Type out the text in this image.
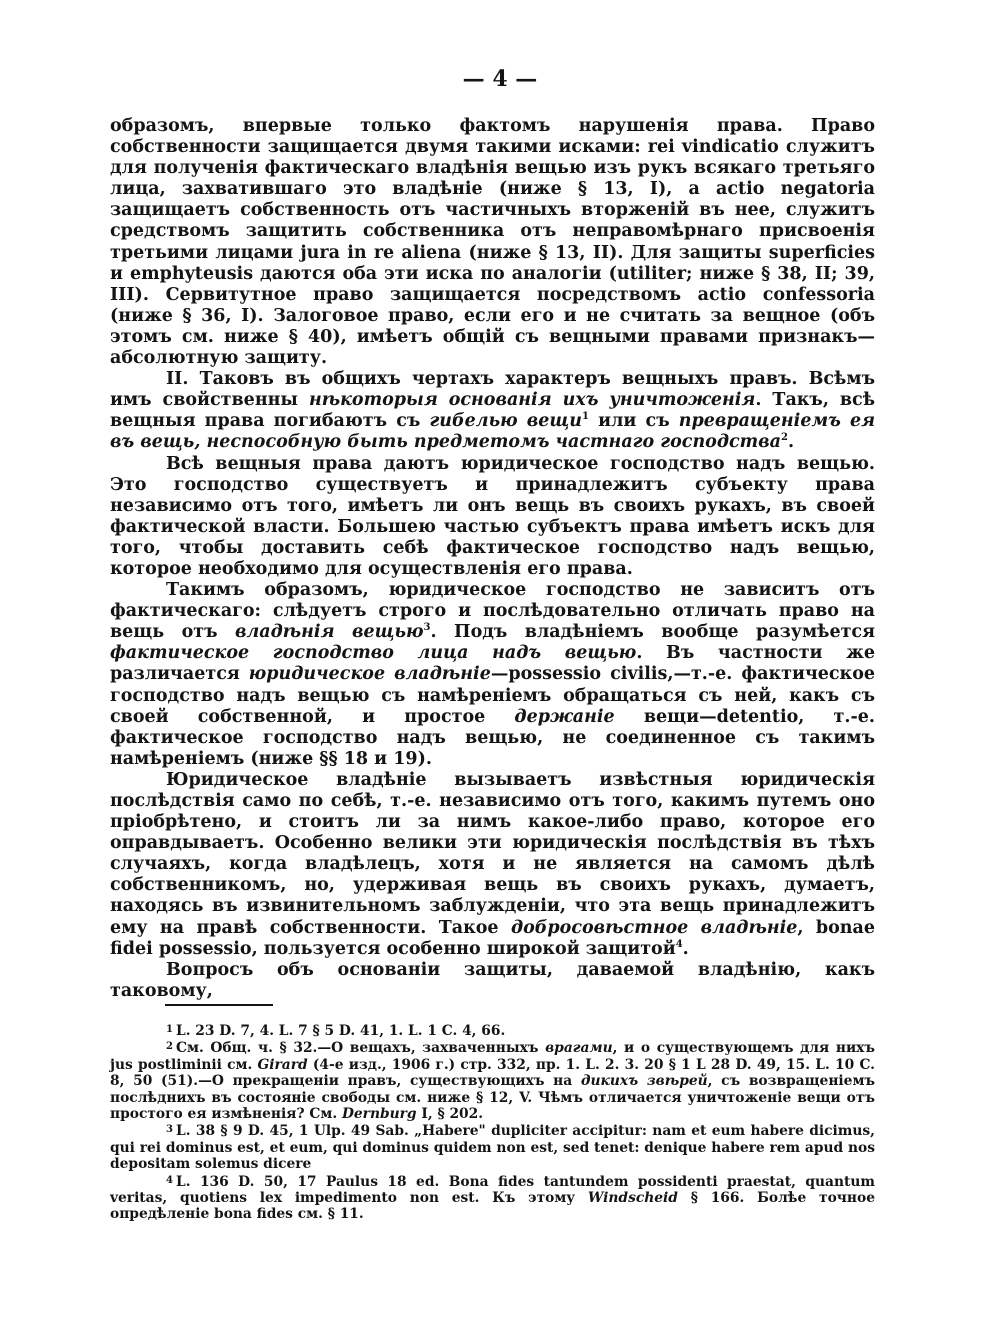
— 4 —

образомъ, впервые только фактомъ нарушенія права. Право собственности защищается двумя такими исками: rei vindicatio служитъ для полученія фактическаго владѣнія вещью изъ рукъ всякаго третьяго лица, захватившаго это владѣніе (ниже § 13, I), а actio negatoria защищаетъ собственность отъ частичныхъ вторженій въ нее, служитъ средствомъ защитить собственника отъ неправомѣрнаго присвоенія третьими лицами jura in re aliena (ниже § 13, II). Для защиты superficies и emphyteusis даются оба эти иска по аналогіи (utiliter; ниже § 38, II; 39, III). Сервитутное право защищается посредствомъ actio confessoria (ниже § 36, I). Залоговое право, если его и не считать за вещное (объ этомъ см. ниже § 40), имѣетъ общій съ вещными правами признакъ—абсолютную защиту.

II. Таковъ въ общихъ чертахъ характеръ вещныхъ правъ. Всѣмъ имъ свойственны нѣкоторыя основанія ихъ уничтоженія. Такъ, всѣ вещныя права погибаютъ съ гибелью вещи$^1$ или съ превращеніемъ ея въ вещь, неспособную быть предметомъ частнаго господства$^2$.

Всѣ вещныя права даютъ юридическое господство надъ вещью. Это господство существуетъ и принадлежитъ субъекту права независимо отъ того, имѣетъ ли онъ вещь въ своихъ рукахъ, въ своей фактической власти. Большею частью субъектъ права имѣетъ искъ для того, чтобы доставить себѣ фактическое господство надъ вещью, которое необходимо для осуществленія его права.

Такимъ образомъ, юридическое господство не зависитъ отъ фактическаго: слѣдуетъ строго и послѣдовательно отличать право на вещь отъ владѣнія вещью$^3$. Подъ владѣніемъ вообще разумѣется фактическое господство лица надъ вещью. Въ частности же различается юридическое владѣніе—possessio civilis,—т.-е. фактическое господство надъ вещью съ намѣреніемъ обращаться съ ней, какъ съ своей собственной, и простое держаніе вещи—detentio, т.-е. фактическое господство надъ вещью, не соединенное съ такимъ намѣреніемъ (ниже §§ 18 и 19).

Юридическое владѣніе вызываетъ извѣстныя юридическія послѣдствія само по себѣ, т.-е. независимо отъ того, какимъ путемъ оно пріобрѣтено, и стоитъ ли за нимъ какое-либо право, которое его оправдываетъ. Особенно велики эти юридическія послѣдствія въ тѣхъ случаяхъ, когда владѣлецъ, хотя и не является на самомъ дѣлѣ собственникомъ, но, удерживая вещь въ своихъ рукахъ, думаетъ, находясь въ извинительномъ заблужденіи, что эта вещь принадлежитъ ему на правѣ собственности. Такое добросовѣстное владѣніе, bonae fidei possessio, пользуется особенно широкой защитой$^4$.

Вопросъ объ основаніи защиты, даваемой владѣнію, какъ таковому,

1 L. 23 D. 7, 4. L. 7 § 5 D. 41, 1. L. 1 C. 4, 66.

2 См. Общ. ч. § 32.—О вещахъ, захваченныхъ врагами, и о существующемъ для нихъ jus postliminii см. Girard (4-е изд., 1906 г.) стр. 332, пр. 1. L. 2. 3. 20 § 1 L 28 D. 49, 15. L. 10 C. 8, 50 (51).—О прекращеніи правъ, существующихъ на дикихъ звѣрей, съ возвращеніемъ послѣднихъ въ состояніе свободы см. ниже § 12, V. Чѣмъ отличается уничтоженіе вещи отъ простого ея измѣненія? См. Dernburg I, § 202.

3 L. 38 § 9 D. 45, 1 Ulp. 49 Sab. „Habere" dupliciter accipitur: nam et eum habere dicimus, qui rei dominus est, et eum, qui dominus quidem non est, sed tenet: denique habere rem apud nos depositam solemus dicere

4 L. 136 D. 50, 17 Paulus 18 ed. Bona fides tantundem possidenti praestat, quantum veritas, quotiens lex impedimento non est. Къ этому Windscheid § 166. Болѣе точное опредѣленіе bona fides см. § 11.
